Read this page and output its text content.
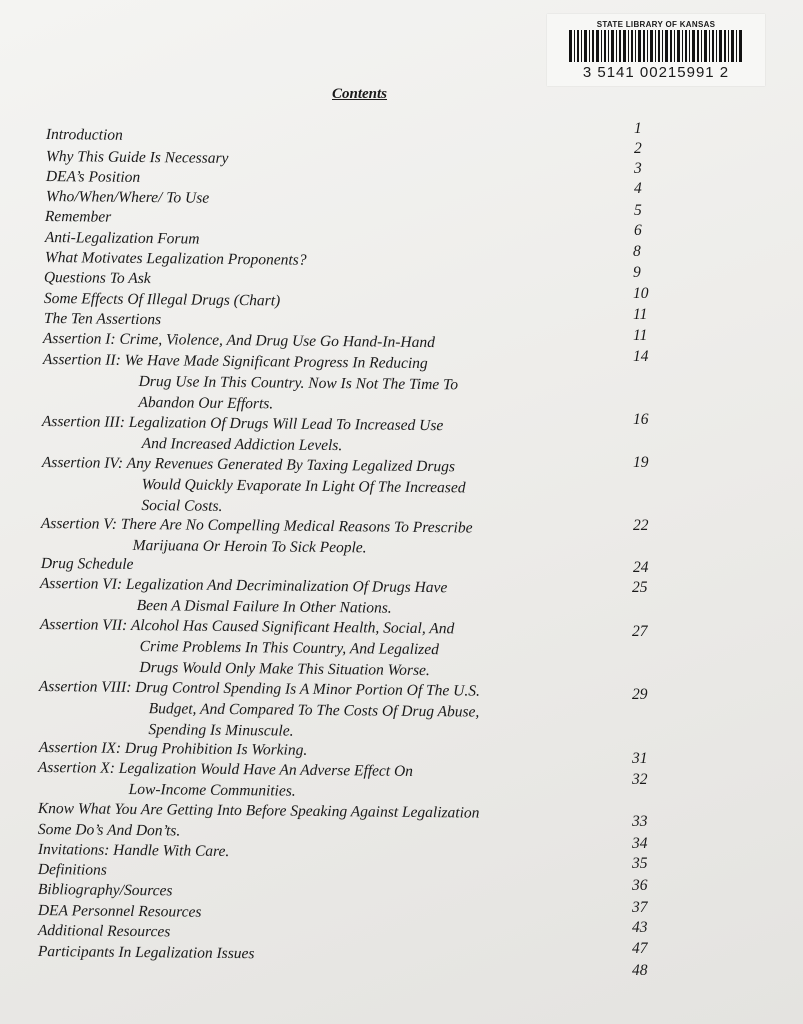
STATE LIBRARY OF KANSAS
3 5141 00215991 2
Contents
Introduction
Why This Guide Is Necessary
DEA’s Position
Who/When/Where/ To Use
Remember
Anti-Legalization Forum
What Motivates Legalization Proponents?
Questions To Ask
Some Effects Of Illegal Drugs (Chart)
The Ten Assertions
Assertion I: Crime, Violence, And Drug Use Go Hand-In-Hand
Assertion II: We Have Made Significant Progress In Reducing
Drug Use In This Country. Now Is Not The Time To
Abandon Our Efforts.
Assertion III: Legalization Of Drugs Will Lead To Increased Use
And Increased Addiction Levels.
Assertion IV: Any Revenues Generated By Taxing Legalized Drugs
Would Quickly Evaporate In Light Of The Increased
Social Costs.
Assertion V: There Are No Compelling Medical Reasons To Prescribe
Marijuana Or Heroin To Sick People.
Drug Schedule
Assertion VI: Legalization And Decriminalization Of Drugs Have
Been A Dismal Failure In Other Nations.
Assertion VII: Alcohol Has Caused Significant Health, Social, And
Crime Problems In This Country, And Legalized
Drugs Would Only Make This Situation Worse.
Assertion VIII: Drug Control Spending Is A Minor Portion Of The U.S.
Budget, And Compared To The Costs Of Drug Abuse,
Spending Is Minuscule.
Assertion IX: Drug Prohibition Is Working.
Assertion X: Legalization Would Have An Adverse Effect On
Low-Income Communities.
Know What You Are Getting Into Before Speaking Against Legalization
Some Do’s And Don’ts.
Invitations: Handle With Care.
Definitions
Bibliography/Sources
DEA Personnel Resources
Additional Resources
Participants In Legalization Issues
1
2
3
4
5
6
8
9
10
11
11
14
16
19
22
24
25
27
29
31
32
33
34
35
36
37
43
47
48
